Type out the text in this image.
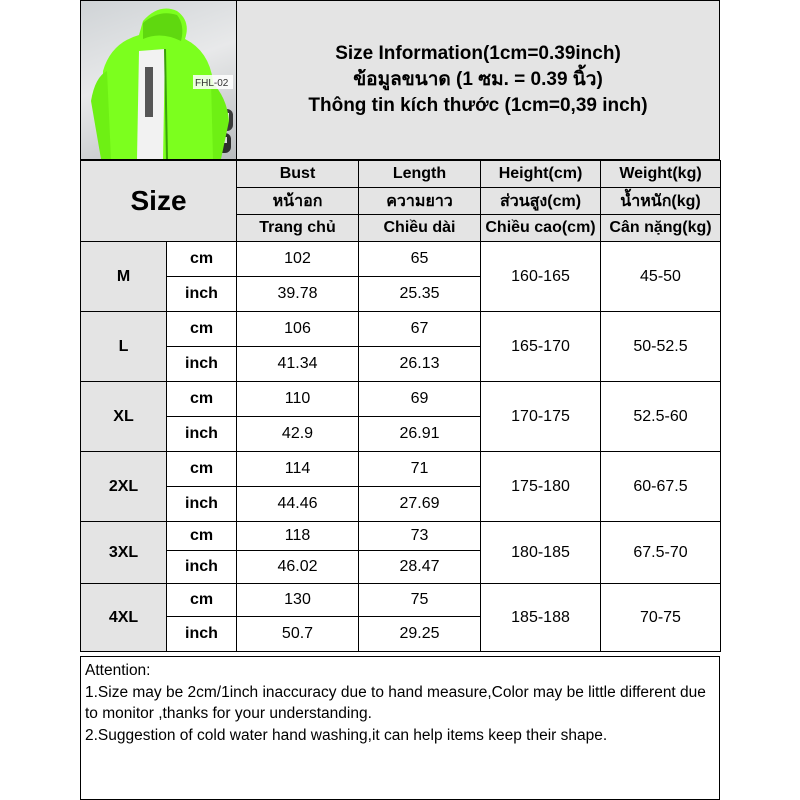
FHL-02
Size Information(1cm=0.39inch)
ข้อมูลขนาด (1 ซม. = 0.39 นิ้ว)
Thông tin kích thước (1cm=0,39 inch)
Size		Bust	Length	Height(cm)	Weight(kg)
		หน้าอก	ความยาว	ส่วนสูง(cm)	น้ำหนัก(kg)
		Trang chủ	Chiều dài	Chiều cao(cm)	Cân nặng(kg)
M	cm	102	65	160-165	45-50
	inch	39.78	25.35		
L	cm	106	67	165-170	50-52.5
	inch	41.34	26.13		
XL	cm	110	69	170-175	52.5-60
	inch	42.9	26.91		
2XL	cm	114	71	175-180	60-67.5
	inch	44.46	27.69		
3XL	cm	118	73	180-185	67.5-70
	inch	46.02	28.47		
4XL	cm	130	75	185-188	70-75
	inch	50.7	29.25		

Attention:

1.Size may be 2cm/1inch inaccuracy due to hand measure,Color may be little different due to monitor ,thanks for your understanding.

2.Suggestion of cold water hand washing,it can help items keep their shape.
